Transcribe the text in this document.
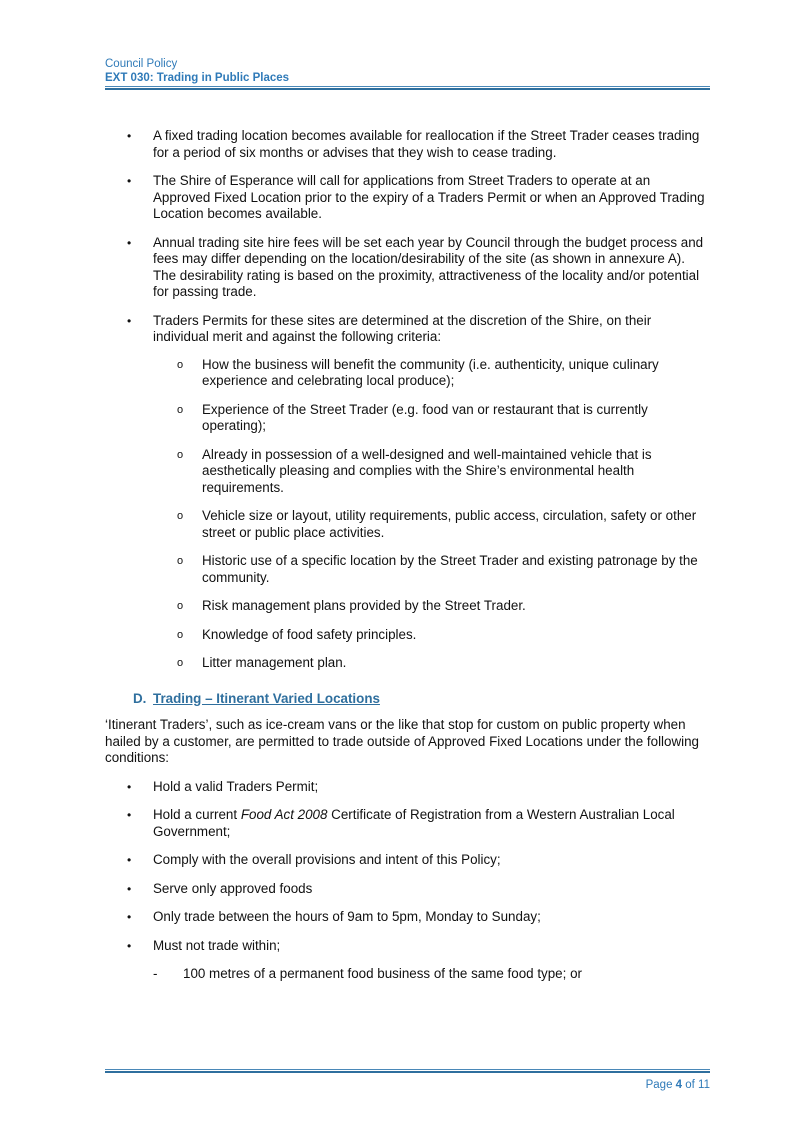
Council Policy
EXT 030: Trading in Public Places
• A fixed trading location becomes available for reallocation if the Street Trader ceases trading for a period of six months or advises that they wish to cease trading.
• The Shire of Esperance will call for applications from Street Traders to operate at an Approved Fixed Location prior to the expiry of a Traders Permit or when an Approved Trading Location becomes available.
• Annual trading site hire fees will be set each year by Council through the budget process and fees may differ depending on the location/desirability of the site (as shown in annexure A). The desirability rating is based on the proximity, attractiveness of the locality and/or potential for passing trade.
• Traders Permits for these sites are determined at the discretion of the Shire, on their individual merit and against the following criteria:
o How the business will benefit the community (i.e. authenticity, unique culinary experience and celebrating local produce);
o Experience of the Street Trader (e.g. food van or restaurant that is currently operating);
o Already in possession of a well-designed and well-maintained vehicle that is aesthetically pleasing and complies with the Shire’s environmental health requirements.
o Vehicle size or layout, utility requirements, public access, circulation, safety or other street or public place activities.
o Historic use of a specific location by the Street Trader and existing patronage by the community.
o Risk management plans provided by the Street Trader.
o Knowledge of food safety principles.
o Litter management plan.
D. Trading – Itinerant Varied Locations
‘Itinerant Traders’, such as ice-cream vans or the like that stop for custom on public property when hailed by a customer, are permitted to trade outside of Approved Fixed Locations under the following conditions:
• Hold a valid Traders Permit;
• Hold a current Food Act 2008 Certificate of Registration from a Western Australian Local Government;
• Comply with the overall provisions and intent of this Policy;
• Serve only approved foods
• Only trade between the hours of 9am to 5pm, Monday to Sunday;
• Must not trade within;
- 100 metres of a permanent food business of the same food type; or
Page 4 of 11
